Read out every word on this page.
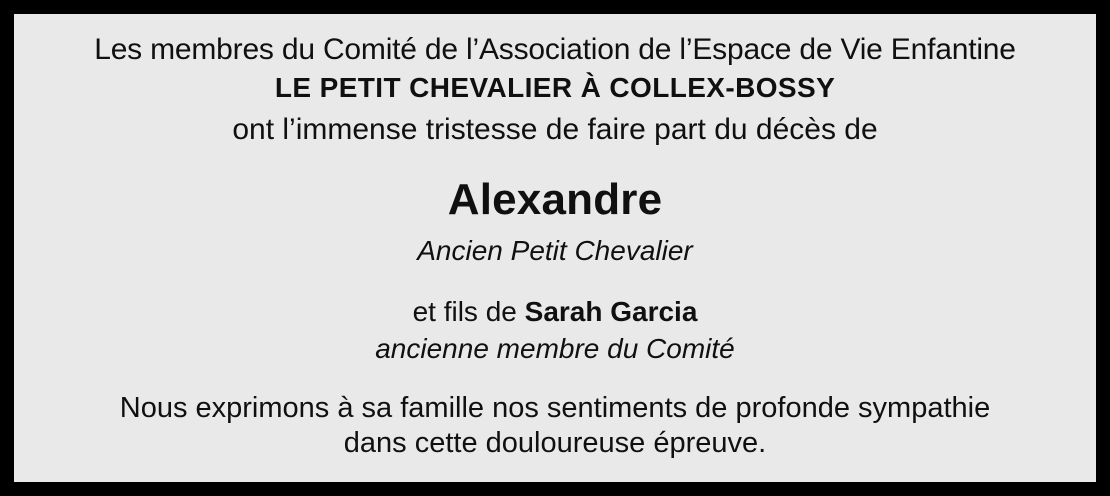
Les membres du Comité de l’Association de l’Espace de Vie Enfantine
LE PETIT CHEVALIER À COLLEX-BOSSY
ont l’immense tristesse de faire part du décès de
Alexandre
Ancien Petit Chevalier
et fils de Sarah Garcia
ancienne membre du Comité
Nous exprimons à sa famille nos sentiments de profonde sympathie
dans cette douloureuse épreuve.
